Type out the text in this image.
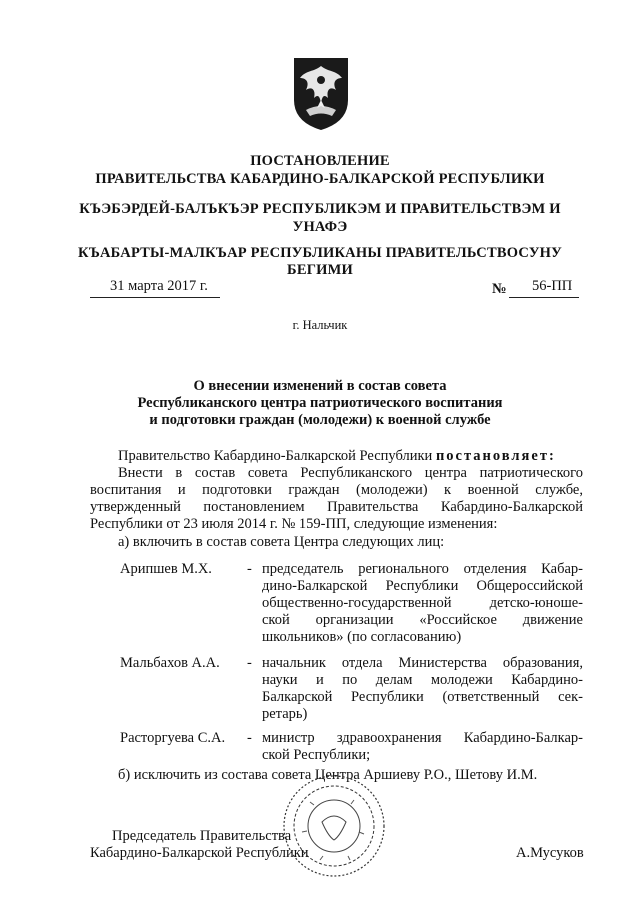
ПОСТАНОВЛЕНИЕ
ПРАВИТЕЛЬСТВА КАБАРДИНО-БАЛКАРСКОЙ РЕСПУБЛИКИ
КЪЭБЭРДЕЙ-БАЛЪКЪЭР РЕСПУБЛИКЭМ И ПРАВИТЕЛЬСТВЭМ И
УНАФЭ
КЪАБАРТЫ-МАЛКЪАР РЕСПУБЛИКАНЫ ПРАВИТЕЛЬСТВОСУНУ
БЕГИМИ
31 марта 2017 г.	№ 56-ПП
г. Нальчик
О внесении изменений в состав совета
Республиканского центра патриотического воспитания
и подготовки граждан (молодежи) к военной службе
Правительство Кабардино-Балкарской Республики постановляет:
Внести в состав совета Республиканского центра патриотического
воспитания и подготовки граждан (молодежи) к военной службе,
утвержденный постановлением Правительства Кабардино-Балкарской
Республики от 23 июля 2014 г. № 159-ПП, следующие изменения:
а) включить в состав совета Центра следующих лиц:
Арипшев М.Х. - председатель регионального отделения Кабар-
дино-Балкарской Республики Общероссийской
общественно-государственной детско-юноше-
ской организации «Российское движение
школьников» (по согласованию)
Мальбахов А.А. - начальник отдела Министерства образования,
науки и по делам молодежи Кабардино-
Балкарской Республики (ответственный сек-
ретарь)
Расторгуева С.А. - министр здравоохранения Кабардино-Балкар-
ской Республики;
б) исключить из состава совета Центра Аршиеву Р.О., Шетову И.М.
Председатель Правительства
Кабардино-Балкарской Республики	А.Мусуков
